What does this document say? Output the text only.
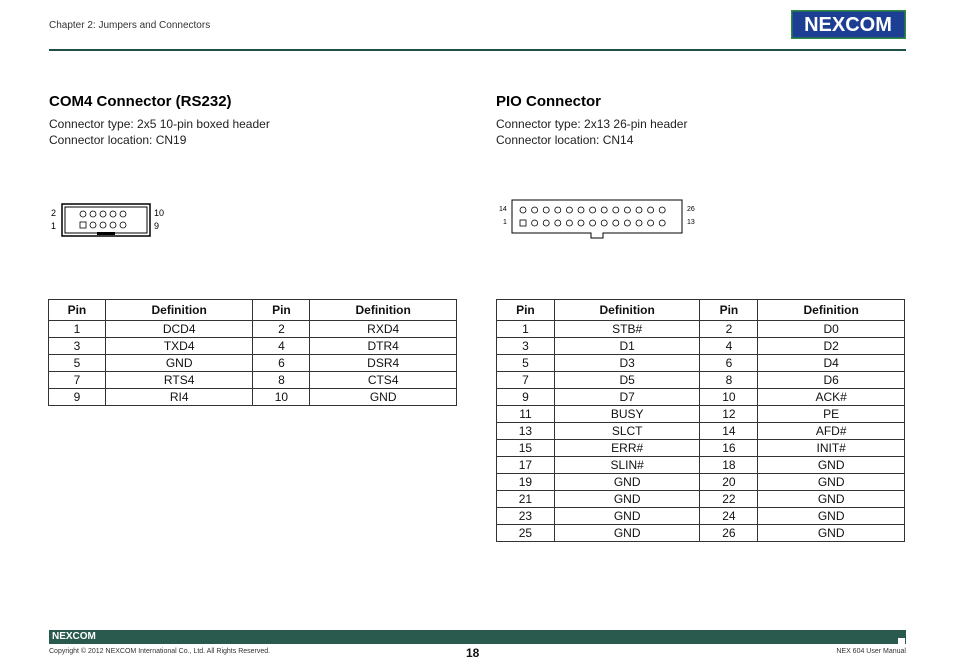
Chapter 2: Jumpers and Connectors	NEXCOM
COM4 Connector (RS232)
Connector type: 2x5 10-pin boxed header
Connector location: CN19
2
1
10
9
Pin	Definition	Pin	Definition
1	DCD4	2	RXD4
3	TXD4	4	DTR4
5	GND	6	DSR4
7	RTS4	8	CTS4
9	RI4	10	GND
PIO Connector
Connector type: 2x13 26-pin header
Connector location: CN14
14
1
26
13
Pin	Definition	Pin	Definition
1	STB#	2	D0
3	D1	4	D2
5	D3	6	D4
7	D5	8	D6
9	D7	10	ACK#
11	BUSY	12	PE
13	SLCT	14	AFD#
15	ERR#	16	INIT#
17	SLIN#	18	GND
19	GND	20	GND
21	GND	22	GND
23	GND	24	GND
25	GND	26	GND
NEXCOM
Copyright © 2012 NEXCOM International Co., Ltd. All Rights Reserved.	18	NEX 604 User Manual
